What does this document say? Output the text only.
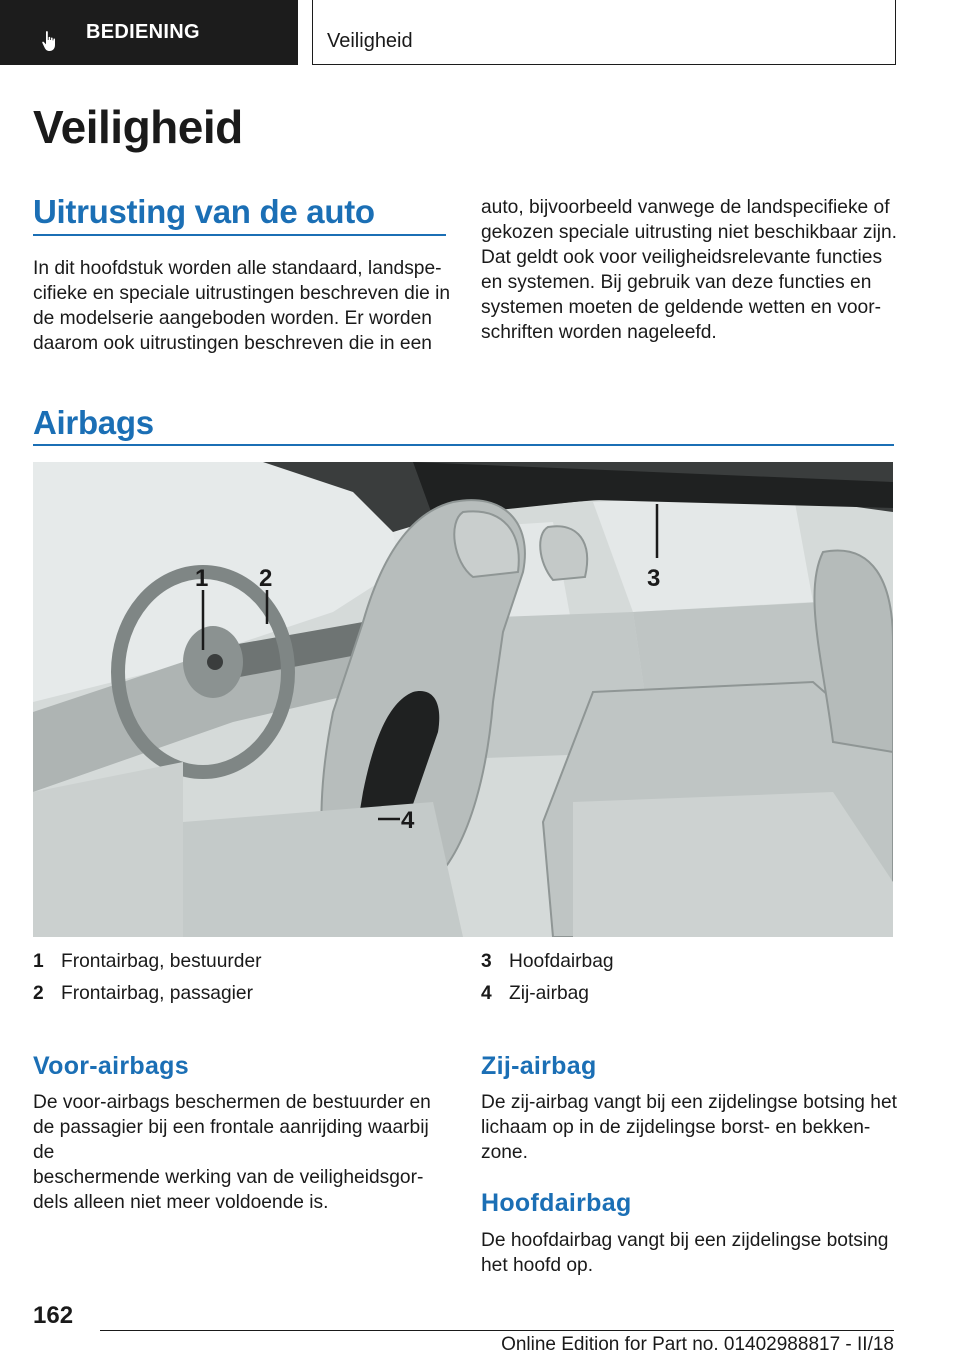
BEDIENING	Veiligheid
Veiligheid
Uitrusting van de auto
In dit hoofdstuk worden alle standaard, landspe-
cifieke en speciale uitrustingen beschreven die in
de modelserie aangeboden worden. Er worden
daarom ook uitrustingen beschreven die in een
auto, bijvoorbeeld vanwege de landspecifieke of
gekozen speciale uitrusting niet beschikbaar zijn.
Dat geldt ook voor veiligheidsrelevante functies
en systemen. Bij gebruik van deze functies en
systemen moeten de geldende wetten en voor-
schriften worden nageleefd.
Airbags
1 2	3
4
1 Frontairbag, bestuurder
2 Frontairbag, passagier
3 Hoofdairbag
4 Zij-airbag
Voor-airbags
De voor-airbags beschermen de bestuurder en
de passagier bij een frontale aanrijding waarbij de
beschermende werking van de veiligheidsgor-
dels alleen niet meer voldoende is.
Zij-airbag
De zij-airbag vangt bij een zijdelingse botsing het
lichaam op in de zijdelingse borst- en bekken-
zone.
Hoofdairbag
De hoofdairbag vangt bij een zijdelingse botsing
het hoofd op.
162
Online Edition for Part no. 01402988817 - II/18
